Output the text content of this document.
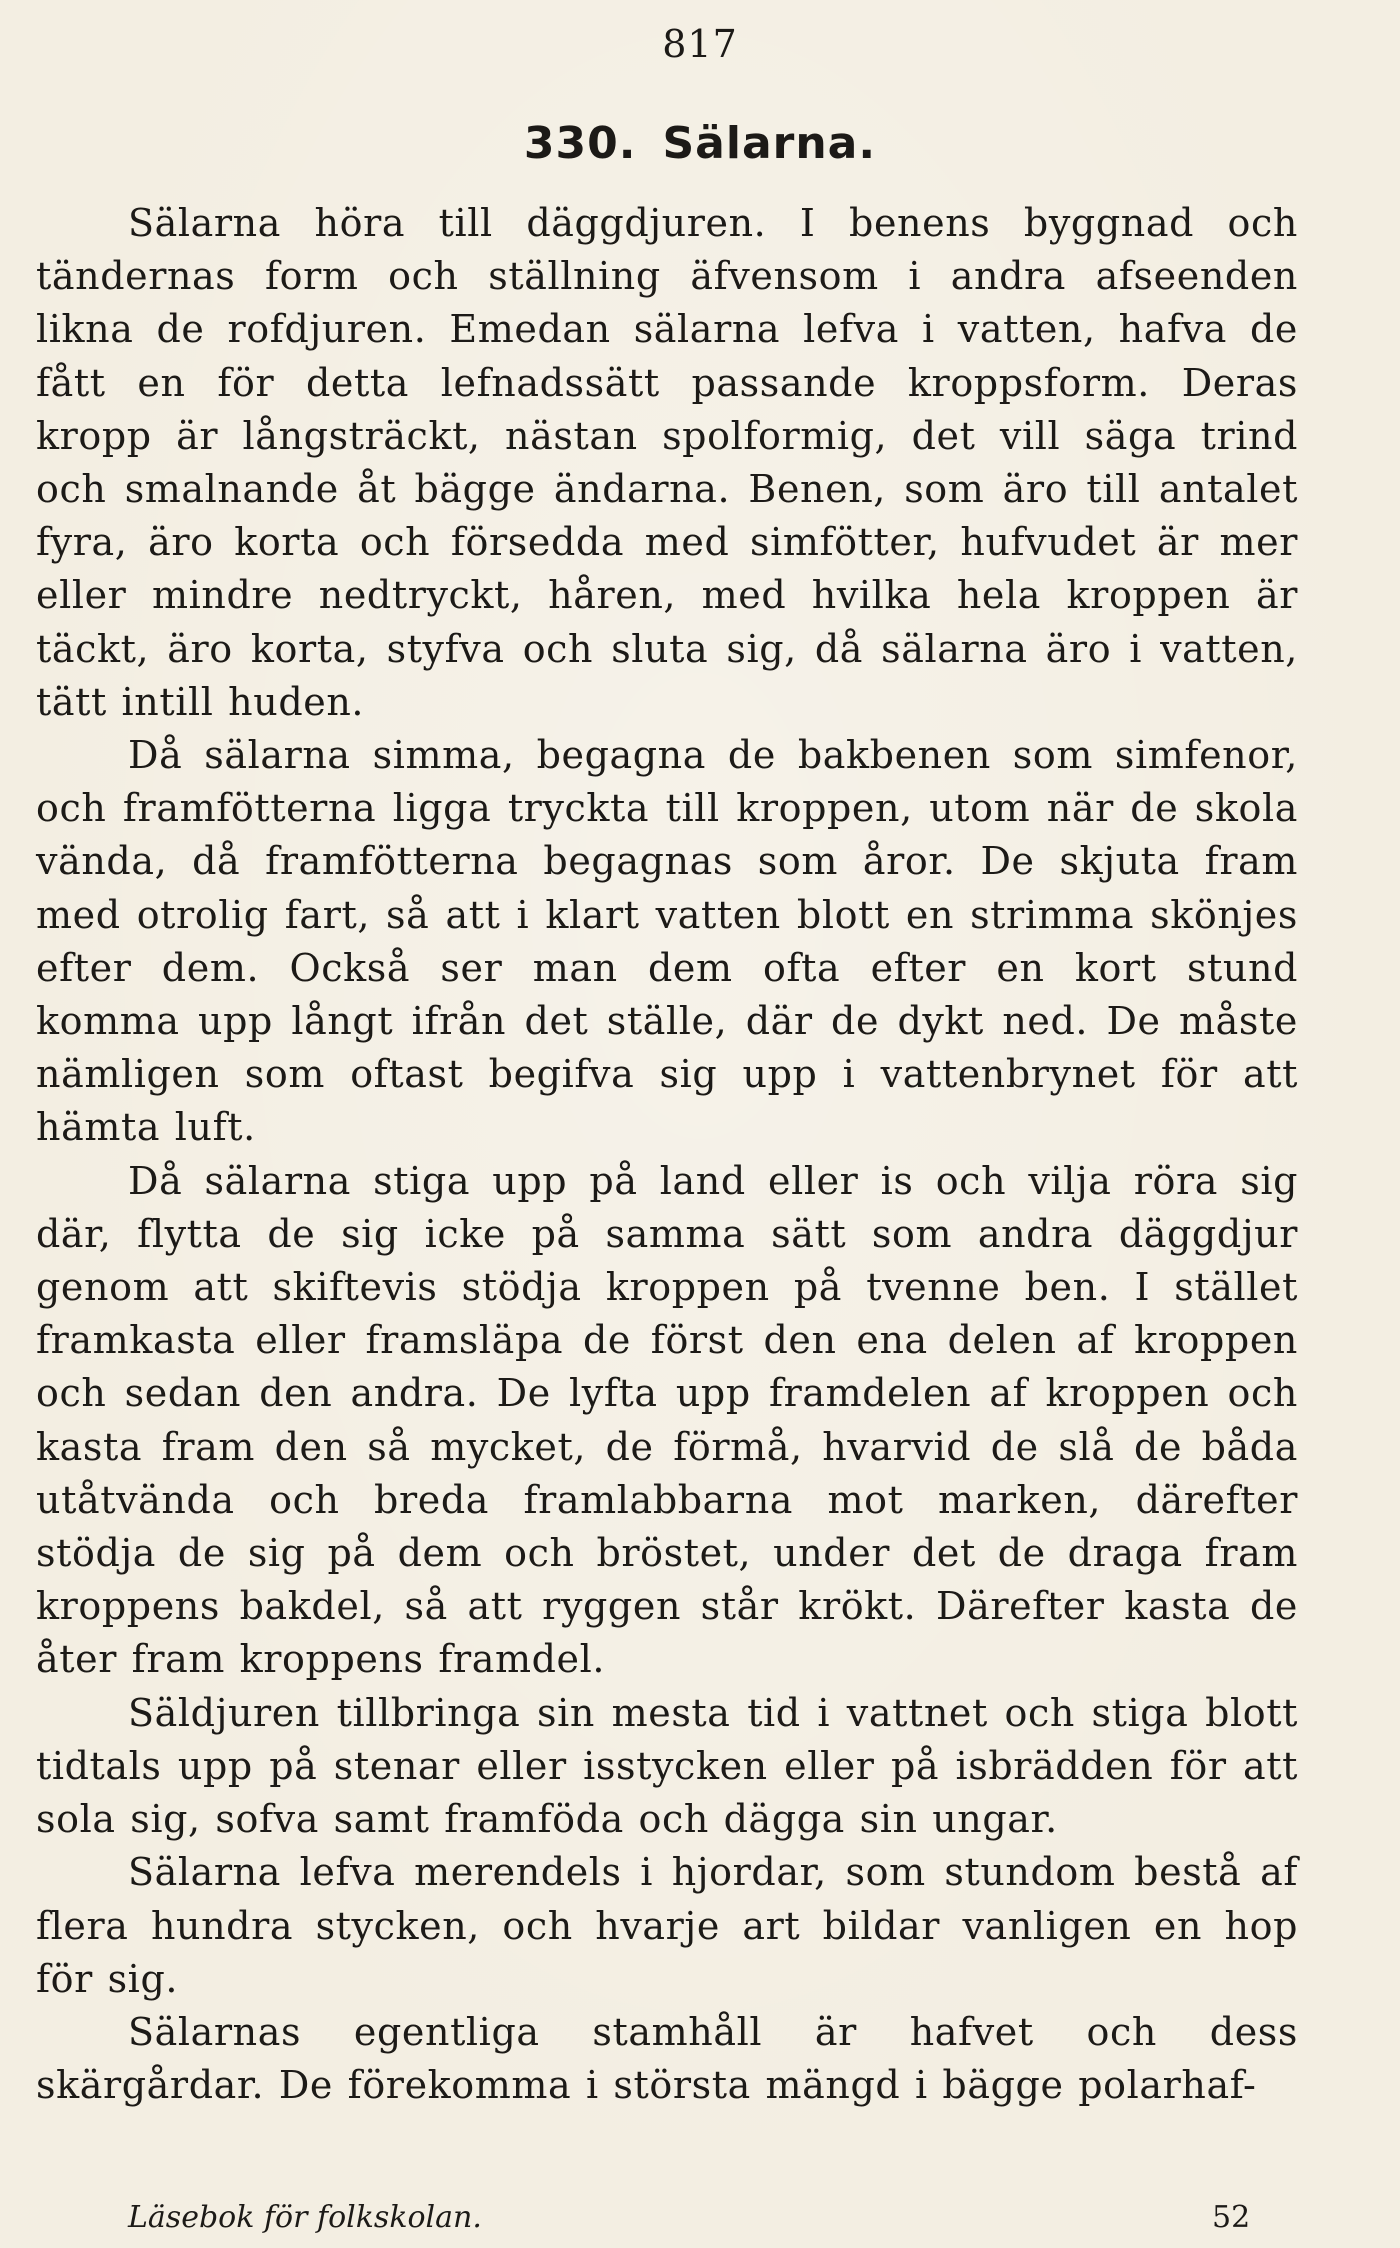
817
330. Sälarna.

Sälarna höra till däggdjuren. I benens byggnad och tändernas form och ställning äfvensom i andra afseenden likna de rofdjuren. Emedan sälarna lefva i vatten, hafva de fått en för detta lefnadssätt passande kroppsform. Deras kropp är långsträckt, nästan spolformig, det vill säga trind och smalnande åt bägge ändarna. Benen, som äro till antalet fyra, äro korta och försedda med simfötter, hufvudet är mer eller mindre nedtryckt, håren, med hvilka hela kroppen är täckt, äro korta, styfva och sluta sig, då sälarna äro i vatten, tätt intill huden.

Då sälarna simma, begagna de bakbenen som simfenor, och framfötterna ligga tryckta till kroppen, utom när de skola vända, då framfötterna begagnas som åror. De skjuta fram med otrolig fart, så att i klart vatten blott en strimma skönjes efter dem. Också ser man dem ofta efter en kort stund komma upp långt ifrån det ställe, där de dykt ned. De måste nämligen som oftast begifva sig upp i vattenbrynet för att hämta luft.

Då sälarna stiga upp på land eller is och vilja röra sig där, flytta de sig icke på samma sätt som andra däggdjur genom att skiftevis stödja kroppen på tvenne ben. I stället framkasta eller framsläpa de först den ena delen af kroppen och sedan den andra. De lyfta upp framdelen af kroppen och kasta fram den så mycket, de förmå, hvarvid de slå de båda utåtvända och breda framlabbarna mot marken, därefter stödja de sig på dem och bröstet, under det de draga fram kroppens bakdel, så att ryggen står krökt. Därefter kasta de åter fram kroppens framdel.

Säldjuren tillbringa sin mesta tid i vattnet och stiga blott tidtals upp på stenar eller isstycken eller på isbrädden för att sola sig, sofva samt framföda och dägga sin ungar.

Sälarna lefva merendels i hjordar, som stundom bestå af flera hundra stycken, och hvarje art bildar vanligen en hop för sig.

Sälarnas egentliga stamhåll är hafvet och dess skärgårdar. De förekomma i största mängd i bägge polarhaf-

Läsebok för folkskolan.	52
